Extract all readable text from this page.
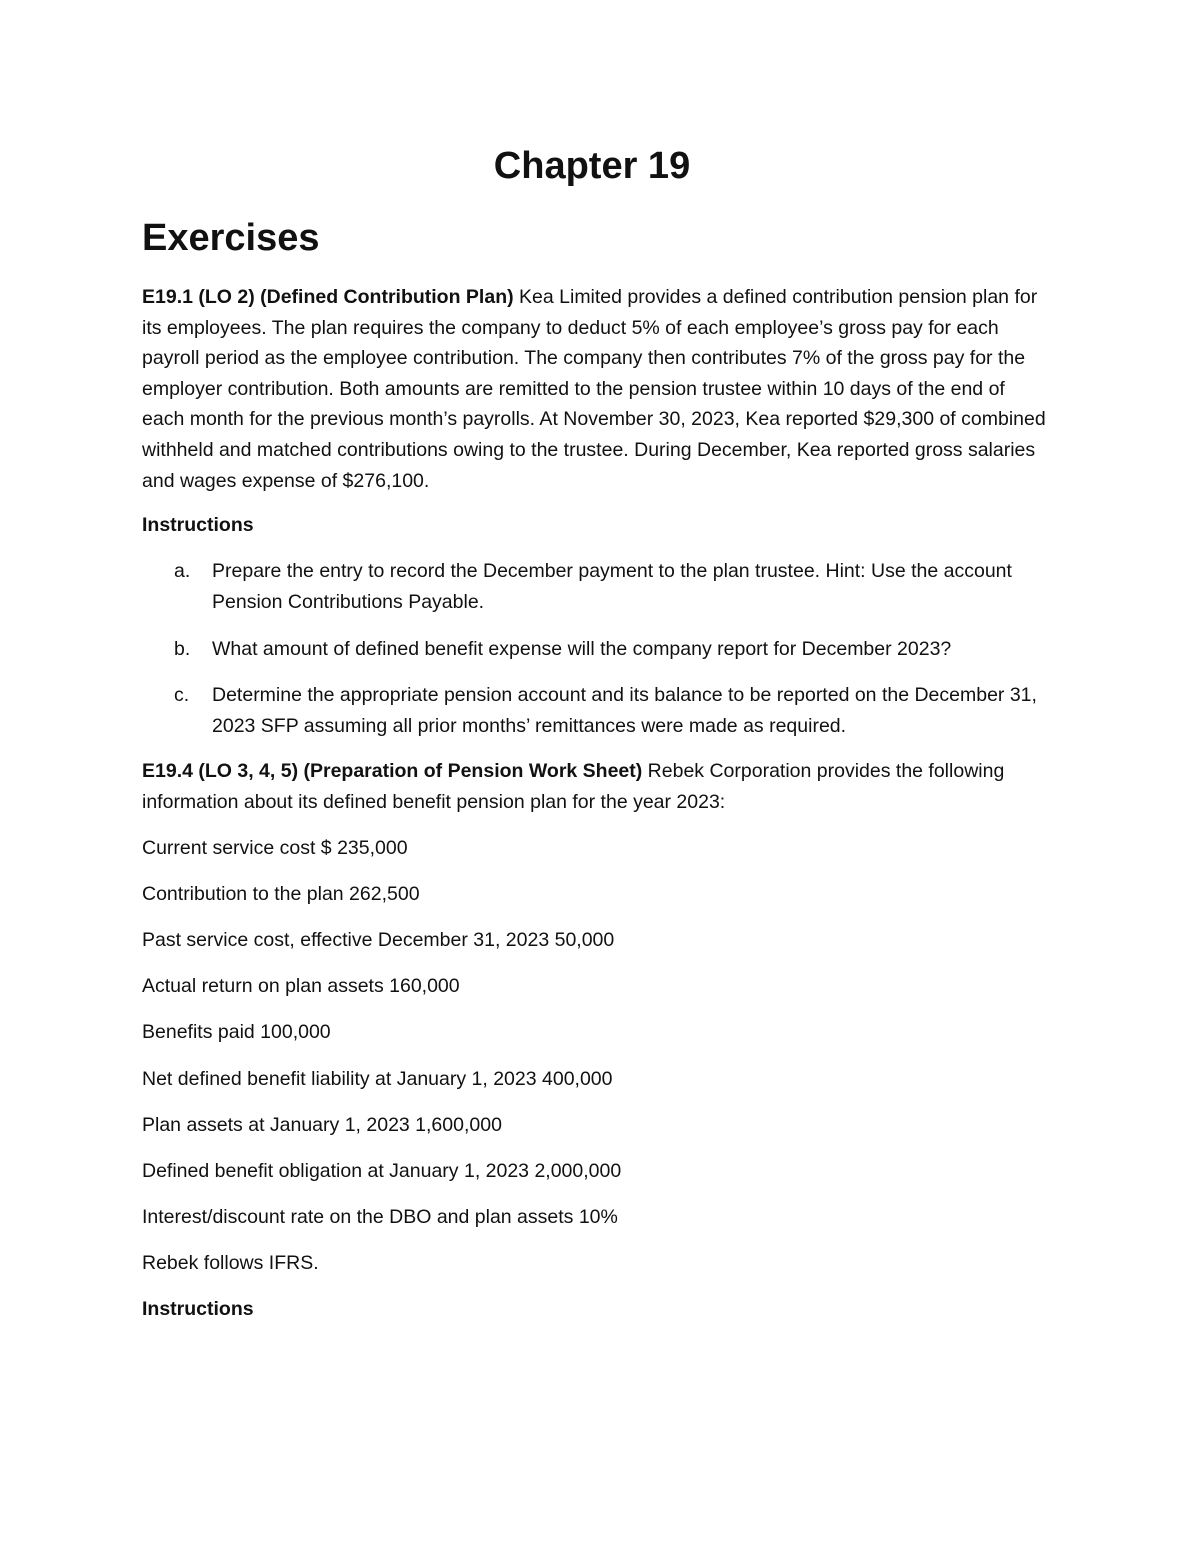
Chapter 19
Exercises

E19.1 (LO 2) (Defined Contribution Plan) Kea Limited provides a defined contribution pension plan for its employees. The plan requires the company to deduct 5% of each employee’s gross pay for each payroll period as the employee contribution. The company then contributes 7% of the gross pay for the employer contribution. Both amounts are remitted to the pension trustee within 10 days of the end of each month for the previous month’s payrolls. At November 30, 2023, Kea reported $29,300 of combined withheld and matched contributions owing to the trustee. During December, Kea reported gross salaries and wages expense of $276,100.

Instructions

a. Prepare the entry to record the December payment to the plan trustee. Hint: Use the account Pension Contributions Payable.
b. What amount of defined benefit expense will the company report for December 2023?
c. Determine the appropriate pension account and its balance to be reported on the December 31, 2023 SFP assuming all prior months’ remittances were made as required.

E19.4 (LO 3, 4, 5) (Preparation of Pension Work Sheet) Rebek Corporation provides the following information about its defined benefit pension plan for the year 2023:

Current service cost $ 235,000

Contribution to the plan 262,500

Past service cost, effective December 31, 2023 50,000

Actual return on plan assets 160,000

Benefits paid 100,000

Net defined benefit liability at January 1, 2023 400,000

Plan assets at January 1, 2023 1,600,000

Defined benefit obligation at January 1, 2023 2,000,000

Interest/discount rate on the DBO and plan assets 10%

Rebek follows IFRS.

Instructions
